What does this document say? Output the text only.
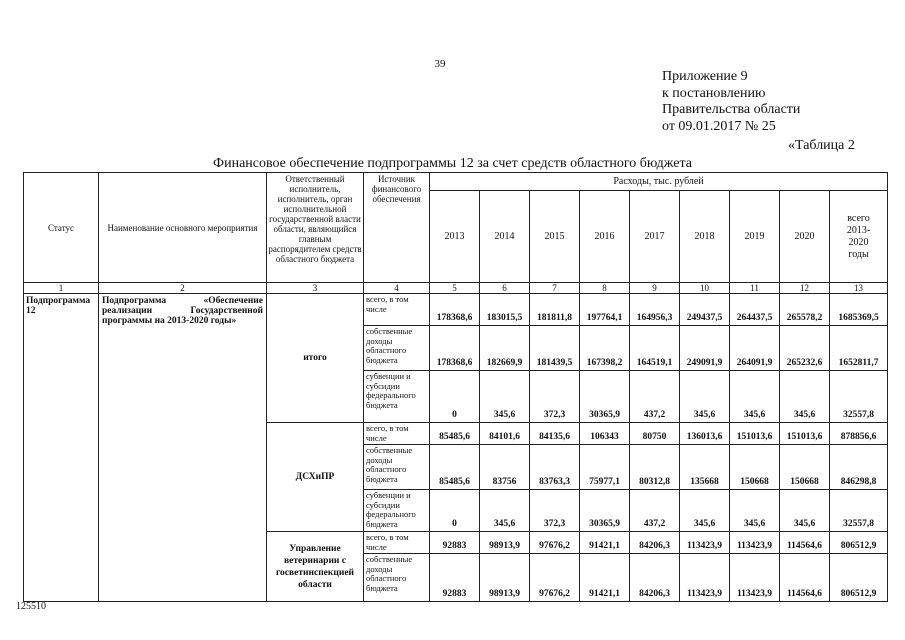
39
Приложение 9
к постановлению
Правительства области
от 09.01.2017 № 25
«Таблица 2
Финансовое обеспечение подпрограммы 12 за счет средств областного бюджета
Статус	Наименование основного мероприятия	Ответственный исполнитель, исполнитель, орган исполнительной государственной власти области, являющийся главным распорядителем средств областного бюджета	Источник финансового обеспечения	Расходы, тыс. рублей								
				2013	2014	2015	2016	2017	2018	2019	2020	всего
2013-
2020
годы

1	2	3	4	5	6	7	8	9	10	11	12	13
Подпрограмма 12	Подпрограмма «Обеспечение реализации Государственной программы на 2013-2020 годы»	итого	всего, в том числе	178368,6	183015,5	181811,8	197764,1	164956,3	249437,5	264437,5	265578,2	1685369,5
			собственные доходы областного бюджета	178368,6	182669,9	181439,5	167398,2	164519,1	249091,9	264091,9	265232,6	1652811,7
			субвенции и субсидии федерального бюджета	0	345,6	372,3	30365,9	437,2	345,6	345,6	345,6	32557,8
		ДСХиПР	всего, в том числе	85485,6	84101,6	84135,6	106343	80750	136013,6	151013,6	151013,6	878856,6
			собственные доходы областного бюджета	85485,6	83756	83763,3	75977,1	80312,8	135668	150668	150668	846298,8
			субвенции и субсидии федерального бюджета	0	345,6	372,3	30365,9	437,2	345,6	345,6	345,6	32557,8
		Управление ветеринарии с госветинспекцией области	всего, в том числе	92883	98913,9	97676,2	91421,1	84206,3	113423,9	113423,9	114564,6	806512,9
			собственные доходы областного бюджета	92883	98913,9	97676,2	91421,1	84206,3	113423,9	113423,9	114564,6	806512,9
125510
